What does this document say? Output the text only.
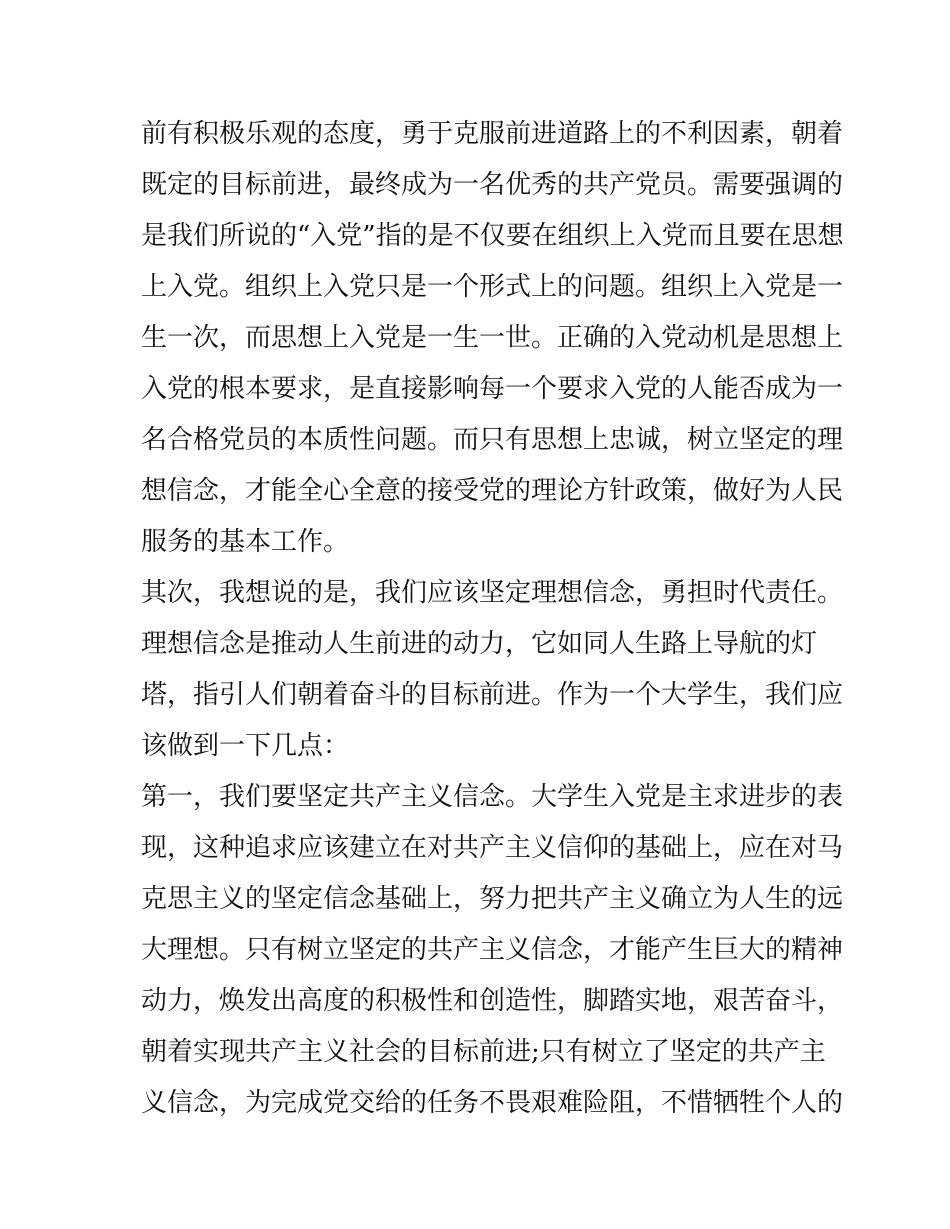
前有积极乐观的态度，勇于克服前进道路上的不利因素，朝着
既定的目标前进，最终成为一名优秀的共产党员。需要强调的
是我们所说的“入党”指的是不仅要在组织上入党而且要在思想
上入党。组织上入党只是一个形式上的问题。组织上入党是一
生一次，而思想上入党是一生一世。正确的入党动机是思想上
入党的根本要求，是直接影响每一个要求入党的人能否成为一
名合格党员的本质性问题。而只有思想上忠诚，树立坚定的理
想信念，才能全心全意的接受党的理论方针政策，做好为人民
服务的基本工作。
其次，我想说的是，我们应该坚定理想信念，勇担时代责任。
理想信念是推动人生前进的动力，它如同人生路上导航的灯
塔，指引人们朝着奋斗的目标前进。作为一个大学生，我们应
该做到一下几点：
第一，我们要坚定共产主义信念。大学生入党是主求进步的表
现，这种追求应该建立在对共产主义信仰的基础上，应在对马
克思主义的坚定信念基础上，努力把共产主义确立为人生的远
大理想。只有树立坚定的共产主义信念，才能产生巨大的精神
动力，焕发出高度的积极性和创造性，脚踏实地，艰苦奋斗，
朝着实现共产主义社会的目标前进;只有树立了坚定的共产主
义信念，为完成党交给的任务不畏艰难险阻，不惜牺牲个人的
